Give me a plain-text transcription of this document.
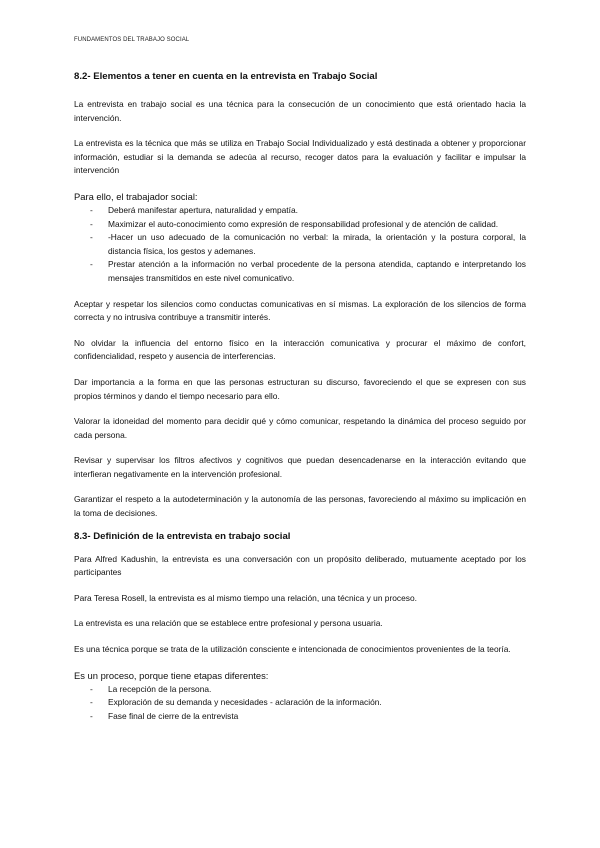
FUNDAMENTOS DEL TRABAJO SOCIAL
8.2- Elementos a tener en cuenta en la entrevista en Trabajo Social

La entrevista en trabajo social es una técnica para la consecución de un conocimiento que está orientado hacia la intervención.

La entrevista es la técnica que más se utiliza en Trabajo Social Individualizado y está destinada a obtener y proporcionar información, estudiar si la demanda se adecúa al recurso, recoger datos para la evaluación y facilitar e impulsar la intervención

Para ello, el trabajador social:

- Deberá manifestar apertura, naturalidad y empatía.
- Maximizar el auto-conocimiento como expresión de responsabilidad profesional y de atención de calidad.
- -Hacer un uso adecuado de la comunicación no verbal: la mirada, la orientación y la postura corporal, la distancia física, los gestos y ademanes.
- Prestar atención a la información no verbal procedente de la persona atendida, captando e interpretando los mensajes transmitidos en este nivel comunicativo.

Aceptar y respetar los silencios como conductas comunicativas en sí mismas. La exploración de los silencios de forma correcta y no intrusiva contribuye a transmitir interés.

No olvidar la influencia del entorno físico en la interacción comunicativa y procurar el máximo de confort, confidencialidad, respeto y ausencia de interferencias.

Dar importancia a la forma en que las personas estructuran su discurso, favoreciendo el que se expresen con sus propios términos y dando el tiempo necesario para ello.

Valorar la idoneidad del momento para decidir qué y cómo comunicar, respetando la dinámica del proceso seguido por cada persona.

Revisar y supervisar los filtros afectivos y cognitivos que puedan desencadenarse en la interacción evitando que interfieran negativamente en la intervención profesional.

Garantizar el respeto a la autodeterminación y la autonomía de las personas, favoreciendo al máximo su implicación en la toma de decisiones.

8.3- Definición de la entrevista en trabajo social

Para Alfred Kadushin, la entrevista es una conversación con un propósito deliberado, mutuamente aceptado por los participantes

Para Teresa Rosell, la entrevista es al mismo tiempo una relación, una técnica y un proceso.

La entrevista es una relación que se establece entre profesional y persona usuaria.

Es una técnica porque se trata de la utilización consciente e intencionada de conocimientos provenientes de la teoría.

Es un proceso, porque tiene etapas diferentes:

- La recepción de la persona.
- Exploración de su demanda y necesidades - aclaración de la información.
- Fase final de cierre de la entrevista
